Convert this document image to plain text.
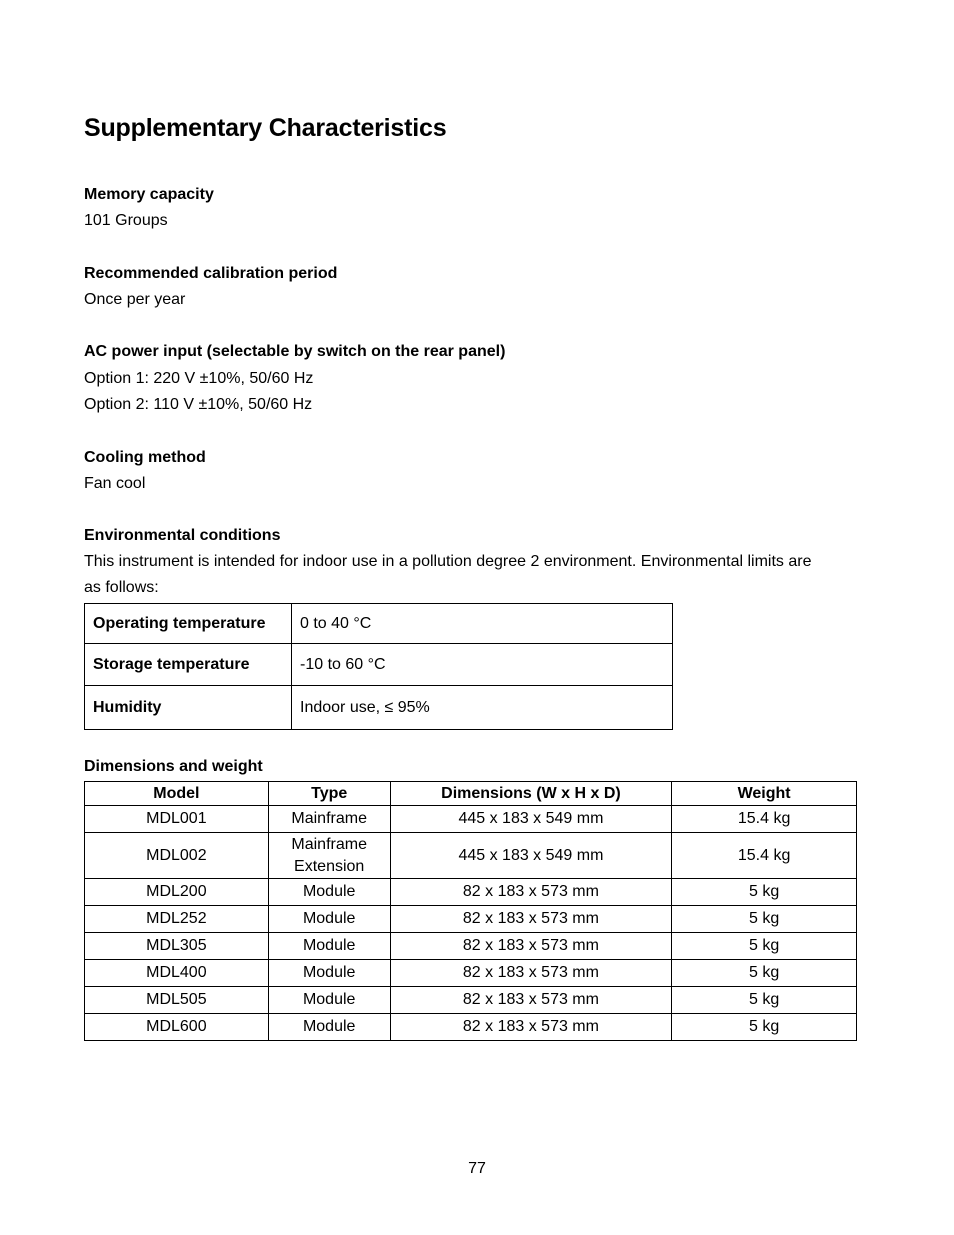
Supplementary Characteristics
Memory capacity
101 Groups
Recommended calibration period
Once per year
AC power input (selectable by switch on the rear panel)
Option 1: 220 V ±10%, 50/60 Hz
Option 2: 110 V ±10%, 50/60 Hz
Cooling method
Fan cool
Environmental conditions
This instrument is intended for indoor use in a pollution degree 2 environment. Environmental limits are as follows:
Operating temperature	0 to 40 °C
Storage temperature	-10 to 60 °C
Humidity	Indoor use, ≤ 95%
Dimensions and weight
Model	Type	Dimensions (W x H x D)	Weight
MDL001	Mainframe	445 x 183 x 549 mm	15.4 kg
MDL002	Mainframe Extension	445 x 183 x 549 mm	15.4 kg
MDL200	Module	82 x 183 x 573 mm	5 kg
MDL252	Module	82 x 183 x 573 mm	5 kg
MDL305	Module	82 x 183 x 573 mm	5 kg
MDL400	Module	82 x 183 x 573 mm	5 kg
MDL505	Module	82 x 183 x 573 mm	5 kg
MDL600	Module	82 x 183 x 573 mm	5 kg
77
